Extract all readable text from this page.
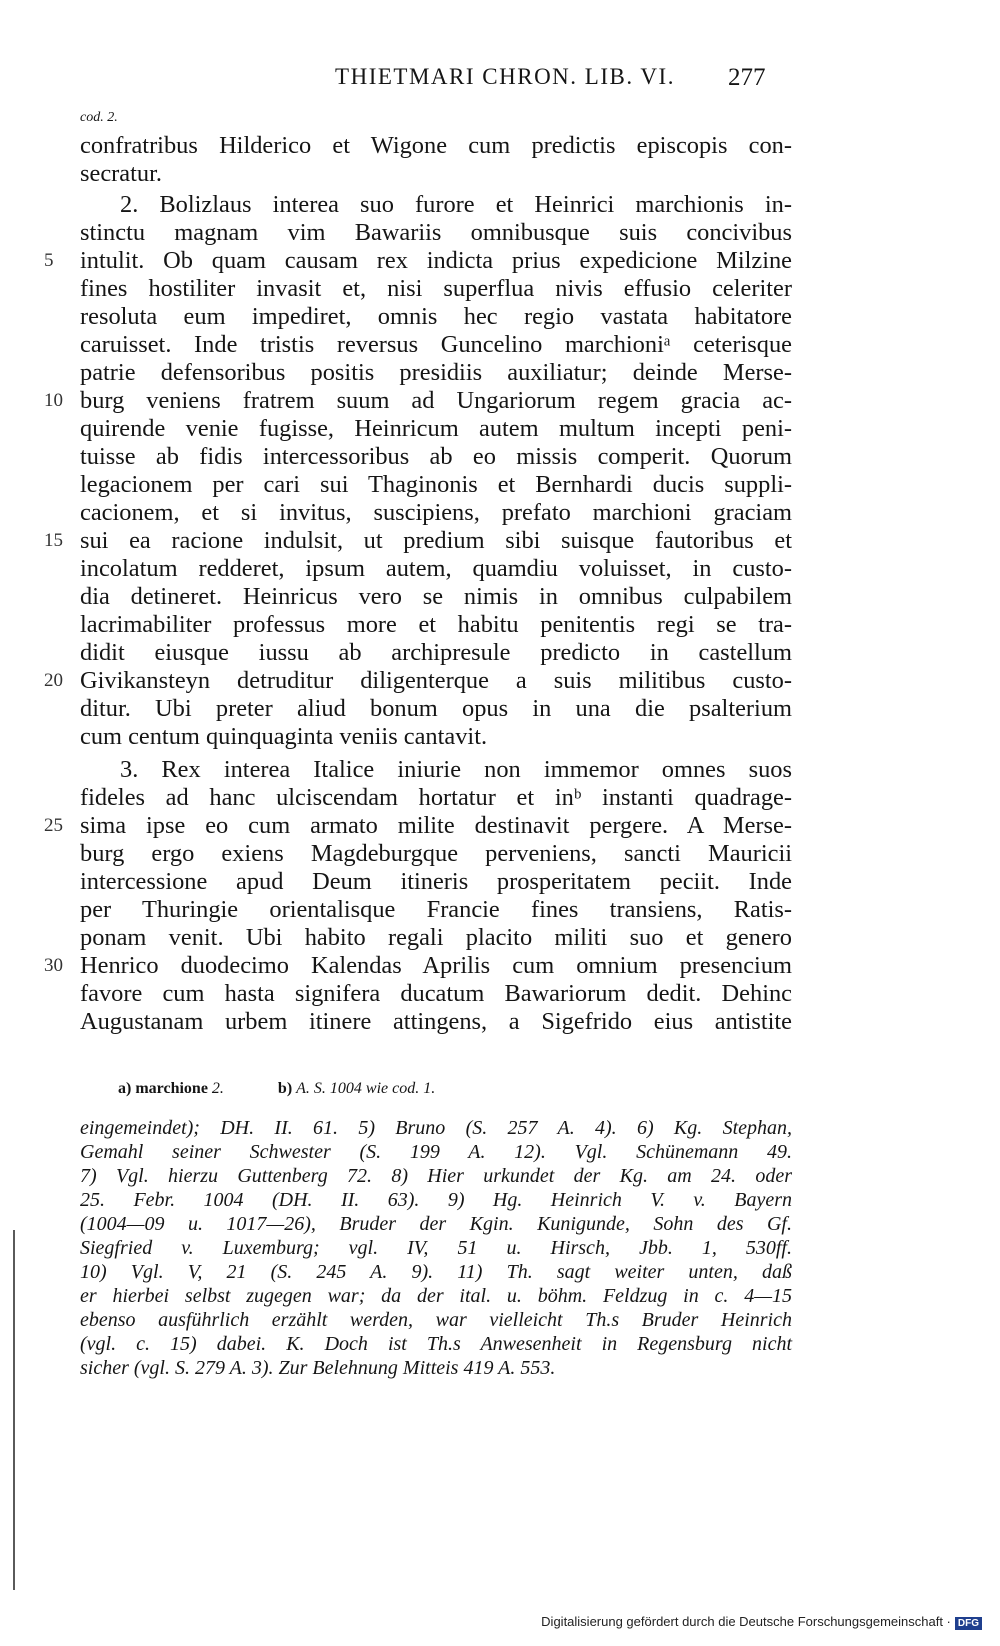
THIETMARI CHRON. LIB. VI.	277
cod. 2.
confratribus Hilderico et Wigone cum predictis episcopis con-
secratur.
2. Bolizlaus interea suo furore et Heinrici marchionis in-
stinctu magnam vim Bawariis omnibusque suis concivibus
intulit. Ob quam causam rex indicta prius expedicione Milzine
fines hostiliter invasit et, nisi superflua nivis effusio celeriter
resoluta eum impediret, omnis hec regio vastata habitatore
caruisset. Inde tristis reversus Guncelino marchioniᵃ ceterisque
patrie defensoribus positis presidiis auxiliatur; deinde Merse-
burg veniens fratrem suum ad Ungariorum regem gracia ac-
quirende venie fugisse, Heinricum autem multum incepti peni-
tuisse ab fidis intercessoribus ab eo missis comperit. Quorum
legacionem per cari sui Thaginonis et Bernhardi ducis suppli-
cacionem, et si invitus, suscipiens, prefato marchioni graciam
sui ea racione indulsit, ut predium sibi suisque fautoribus et
incolatum redderet, ipsum autem, quamdiu voluisset, in custo-
dia detineret. Heinricus vero se nimis in omnibus culpabilem
lacrimabiliter professus more et habitu penitentis regi se tra-
didit eiusque iussu ab archipresule predicto in castellum
Givikansteyn detruditur diligenterque a suis militibus custo-
ditur. Ubi preter aliud bonum opus in una die psalterium
cum centum quinquaginta veniis cantavit.
3. Rex interea Italice iniurie non immemor omnes suos
fideles ad hanc ulciscendam hortatur et inᵇ instanti quadrage-
sima ipse eo cum armato milite destinavit pergere. A Merse-
burg ergo exiens Magdeburgque perveniens, sancti Mauricii
intercessione apud Deum itineris prosperitatem peciit. Inde
per Thuringie orientalisque Francie fines transiens, Ratis-
ponam venit. Ubi habito regali placito militi suo et genero
Henrico duodecimo Kalendas Aprilis cum omnium presencium
favore cum hasta signifera ducatum Bawariorum dedit. Dehinc
Augustanam urbem itinere attingens, a Sigefrido eius antistite
5
10
15
20
25
30
a) marchione 2.	b) A. S. 1004 wie cod. 1.
eingemeindet); DH. II. 61. 5) Bruno (S. 257 A. 4). 6) Kg. Stephan,
Gemahl seiner Schwester (S. 199 A. 12). Vgl. Schünemann 49.
7) Vgl. hierzu Guttenberg 72. 8) Hier urkundet der Kg. am 24. oder
25. Febr. 1004 (DH. II. 63). 9) Hg. Heinrich V. v. Bayern
(1004—09 u. 1017—26), Bruder der Kgin. Kunigunde, Sohn des Gf.
Siegfried v. Luxemburg; vgl. IV, 51 u. Hirsch, Jbb. 1, 530ff.
10) Vgl. V, 21 (S. 245 A. 9). 11) Th. sagt weiter unten, daß
er hierbei selbst zugegen war; da der ital. u. böhm. Feldzug in c. 4—15
ebenso ausführlich erzählt werden, war vielleicht Th.s Bruder Heinrich
(vgl. c. 15) dabei. K. Doch ist Th.s Anwesenheit in Regensburg nicht
sicher (vgl. S. 279 A. 3). Zur Belehnung Mitteis 419 A. 553.
Digitalisierung gefördert durch die Deutsche Forschungsgemeinschaft · DFG
